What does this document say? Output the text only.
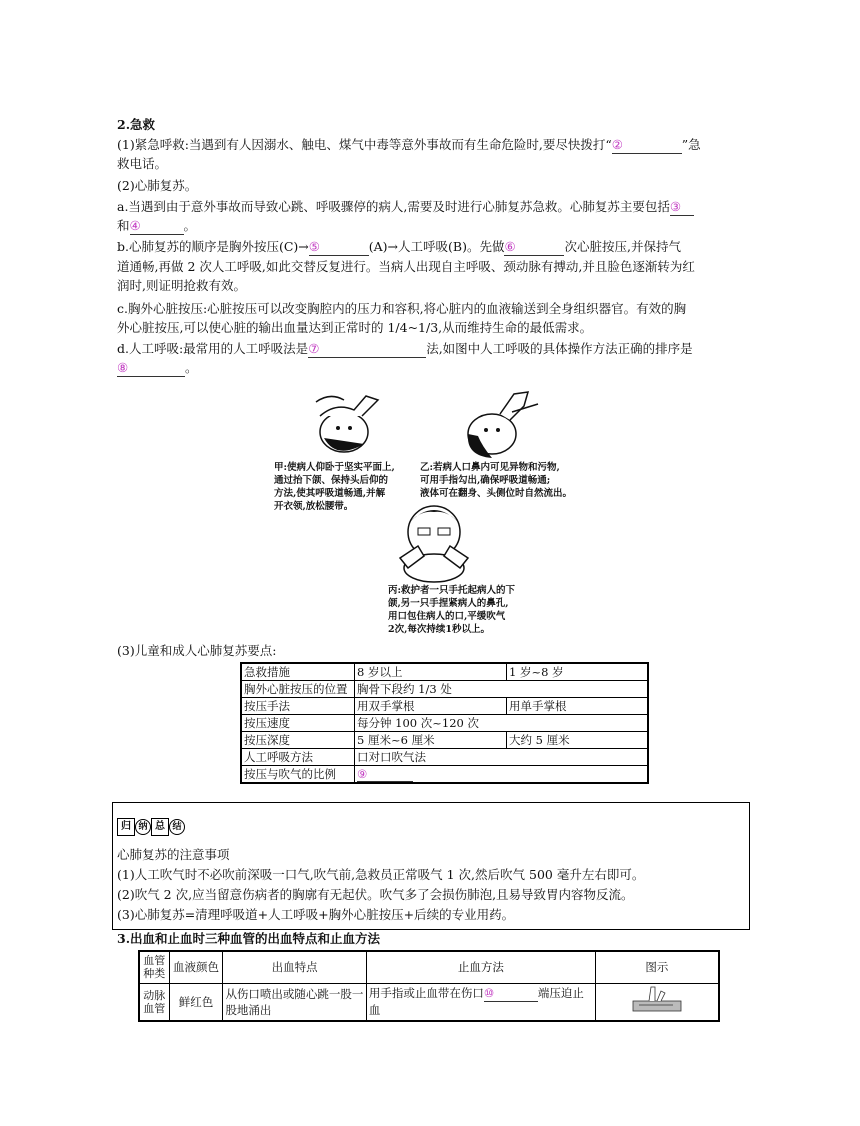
2.急救
(1)紧急呼救:当遇到有人因溺水、触电、煤气中毒等意外事故而有生命危险时,要尽快拨打“②	”急
救电话。
(2)心肺复苏。
a.当遇到由于意外事故而导致心跳、呼吸骤停的病人,需要及时进行心肺复苏急救。心肺复苏主要包括③
和④	。
b.心肺复苏的顺序是胸外按压(C)→⑤	(A)→人工呼吸(B)。先做⑥	次心脏按压,并保持气
道通畅,再做 2 次人工呼吸,如此交替反复进行。当病人出现自主呼吸、颈动脉有搏动,并且脸色逐渐转为红
润时,则证明抢救有效。
c.胸外心脏按压:心脏按压可以改变胸腔内的压力和容积,将心脏内的血液输送到全身组织器官。有效的胸
外心脏按压,可以使心脏的输出血量达到正常时的 1/4~1/3,从而维持生命的最低需求。
d.人工呼吸:最常用的人工呼吸法是⑦	法,如图中人工呼吸的具体操作方法正确的排序是
⑧	。
甲:使病人仰卧于坚实平面上,
通过抬下颌、保持头后仰的
方法,使其呼吸道畅通,并解
开衣领,放松腰带。
乙:若病人口鼻内可见异物和污物,
可用手指勾出,确保呼吸道畅通;
液体可在翻身、头侧位时自然流出。
丙:救护者一只手托起病人的下
颌,另一只手捏紧病人的鼻孔,
用口包住病人的口,平缓吹气
2次,每次持续1秒以上。
(3)儿童和成人心肺复苏要点:
急救措施	8 岁以上	1 岁~8 岁
胸外心脏按压的位置	胸骨下段约 1/3 处	
按压手法	用双手掌根	用单手掌根
按压速度	每分钟 100 次~120 次	
按压深度	5 厘米~6 厘米	大约 5 厘米
人工呼吸方法	口对口吹气法	
按压与吹气的比例	⑨	
归 纳 总 结
心肺复苏的注意事项
(1)人工吹气时不必吹前深吸一口气,吹气前,急救员正常吸气 1 次,然后吹气 500 毫升左右即可。
(2)吹气 2 次,应当留意伤病者的胸廓有无起伏。吹气多了会损伤肺泡,且易导致胃内容物反流。
(3)心肺复苏=清理呼吸道+人工呼吸+胸外心脏按压+后续的专业用药。
3.出血和止血时三种血管的出血特点和止血方法
血管种类	血液颜色	出血特点	止血方法	图示
动脉血管	鲜红色	从伤口喷出或随心跳一股一股地涌出	用手指或止血带在伤口⑩ 端压迫止血	
